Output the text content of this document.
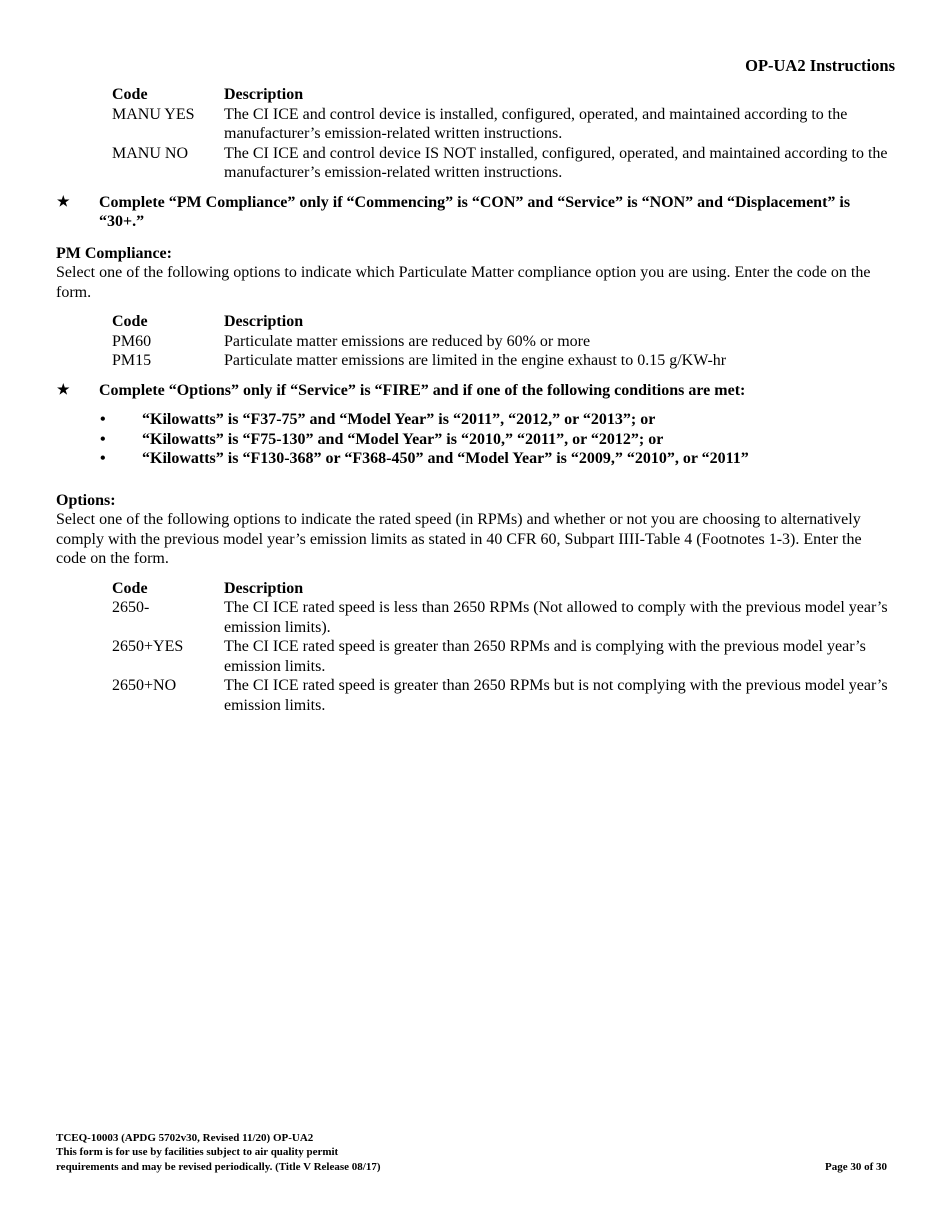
OP-UA2 Instructions
Code	Description
MANU YES	The CI ICE and control device is installed, configured, operated, and maintained according to the manufacturer’s emission-related written instructions.
MANU NO	The CI ICE and control device IS NOT installed, configured, operated, and maintained according to the manufacturer’s emission-related written instructions.
★	Complete “PM Compliance” only if “Commencing” is “CON” and “Service” is “NON” and “Displacement” is “30+.”
PM Compliance:
Select one of the following options to indicate which Particulate Matter compliance option you are using. Enter the code on the form.
Code	Description
PM60	Particulate matter emissions are reduced by 60% or more
PM15	Particulate matter emissions are limited in the engine exhaust to 0.15 g/KW-hr
★	Complete “Options” only if “Service” is “FIRE” and if one of the following conditions are met:
•	“Kilowatts” is “F37-75” and “Model Year” is “2011”, “2012,” or “2013”; or
•	“Kilowatts” is “F75-130” and “Model Year” is “2010,” “2011”, or “2012”; or
•	“Kilowatts” is “F130-368” or “F368-450” and “Model Year” is “2009,” “2010”, or “2011”
Options:
Select one of the following options to indicate the rated speed (in RPMs) and whether or not you are choosing to alternatively comply with the previous model year’s emission limits as stated in 40 CFR 60, Subpart IIII-Table 4 (Footnotes 1-3). Enter the code on the form.
Code	Description
2650-	The CI ICE rated speed is less than 2650 RPMs (Not allowed to comply with the previous model year’s emission limits).
2650+YES	The CI ICE rated speed is greater than 2650 RPMs and is complying with the previous model year’s emission limits.
2650+NO	The CI ICE rated speed is greater than 2650 RPMs but is not complying with the previous model year’s emission limits.
TCEQ-10003 (APDG 5702v30, Revised 11/20) OP-UA2
This form is for use by facilities subject to air quality permit
requirements and may be revised periodically. (Title V Release 08/17)	Page 30 of 30
